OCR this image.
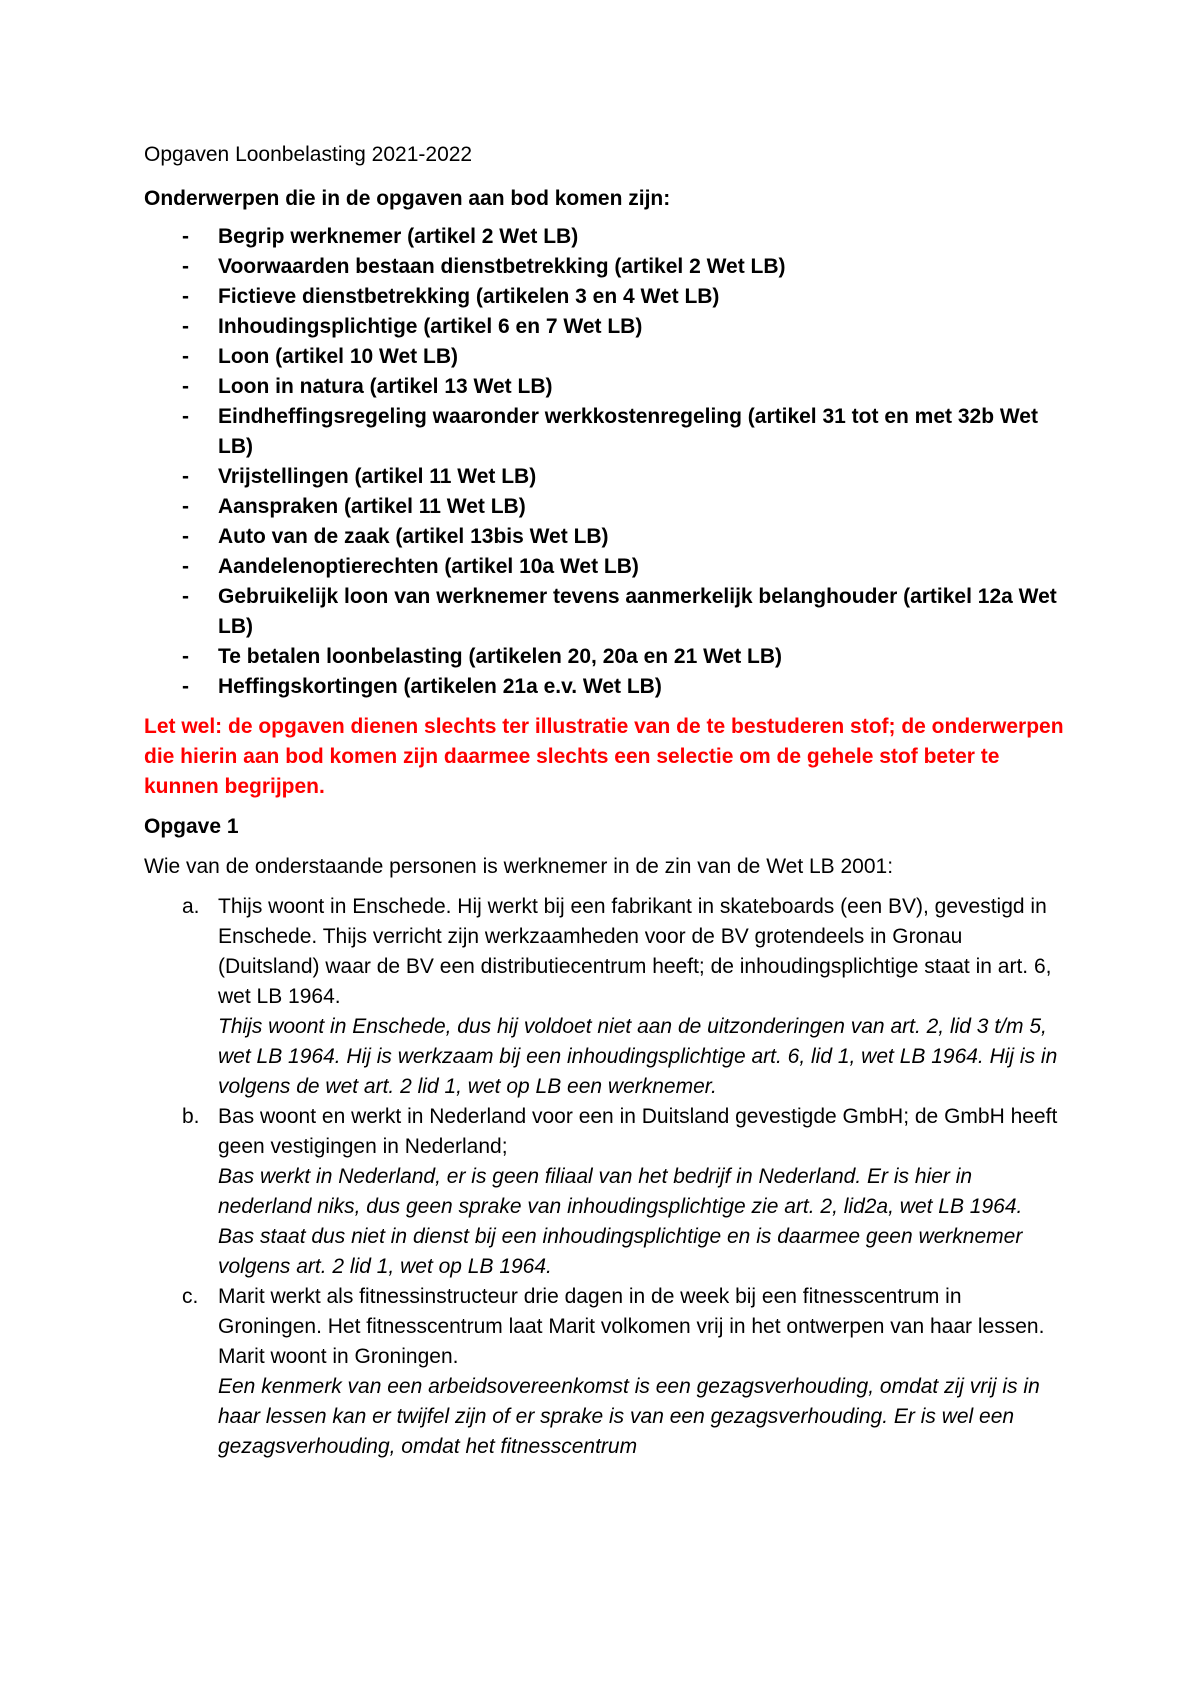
Opgaven Loonbelasting 2021-2022
Onderwerpen die in de opgaven aan bod komen zijn:
- Begrip werknemer (artikel 2 Wet LB)
- Voorwaarden bestaan dienstbetrekking (artikel 2 Wet LB)
- Fictieve dienstbetrekking (artikelen 3 en 4 Wet LB)
- Inhoudingsplichtige (artikel 6 en 7 Wet LB)
- Loon (artikel 10 Wet LB)
- Loon in natura (artikel 13 Wet LB)
- Eindheffingsregeling waaronder werkkostenregeling (artikel 31 tot en met 32b Wet LB)
- Vrijstellingen (artikel 11 Wet LB)
- Aanspraken (artikel 11 Wet LB)
- Auto van de zaak (artikel 13bis Wet LB)
- Aandelenoptierechten (artikel 10a Wet LB)
- Gebruikelijk loon van werknemer tevens aanmerkelijk belanghouder (artikel 12a Wet LB)
- Te betalen loonbelasting (artikelen 20, 20a en 21 Wet LB)
- Heffingskortingen (artikelen 21a e.v. Wet LB)
Let wel: de opgaven dienen slechts ter illustratie van de te bestuderen stof; de onderwerpen die hierin aan bod komen zijn daarmee slechts een selectie om de gehele stof beter te kunnen begrijpen.
Opgave 1
Wie van de onderstaande personen is werknemer in de zin van de Wet LB 2001:
a. Thijs woont in Enschede. Hij werkt bij een fabrikant in skateboards (een BV), gevestigd in Enschede. Thijs verricht zijn werkzaamheden voor de BV grotendeels in Gronau (Duitsland) waar de BV een distributiecentrum heeft; de inhoudingsplichtige staat in art. 6, wet LB 1964.
Thijs woont in Enschede, dus hij voldoet niet aan de uitzonderingen van art. 2, lid 3 t/m 5, wet LB 1964. Hij is werkzaam bij een inhoudingsplichtige art. 6, lid 1, wet LB 1964. Hij is in volgens de wet art. 2 lid 1, wet op LB een werknemer.
b. Bas woont en werkt in Nederland voor een in Duitsland gevestigde GmbH; de GmbH heeft geen vestigingen in Nederland;
Bas werkt in Nederland, er is geen filiaal van het bedrijf in Nederland. Er is hier in nederland niks, dus geen sprake van inhoudingsplichtige zie art. 2, lid2a, wet LB 1964. Bas staat dus niet in dienst bij een inhoudingsplichtige en is daarmee geen werknemer volgens art. 2 lid 1, wet op LB 1964.
c. Marit werkt als fitnessinstructeur drie dagen in de week bij een fitnesscentrum in Groningen. Het fitnesscentrum laat Marit volkomen vrij in het ontwerpen van haar lessen. Marit woont in Groningen.
Een kenmerk van een arbeidsovereenkomst is een gezagsverhouding, omdat zij vrij is in haar lessen kan er twijfel zijn of er sprake is van een gezagsverhouding. Er is wel een gezagsverhouding, omdat het fitnesscentrum
